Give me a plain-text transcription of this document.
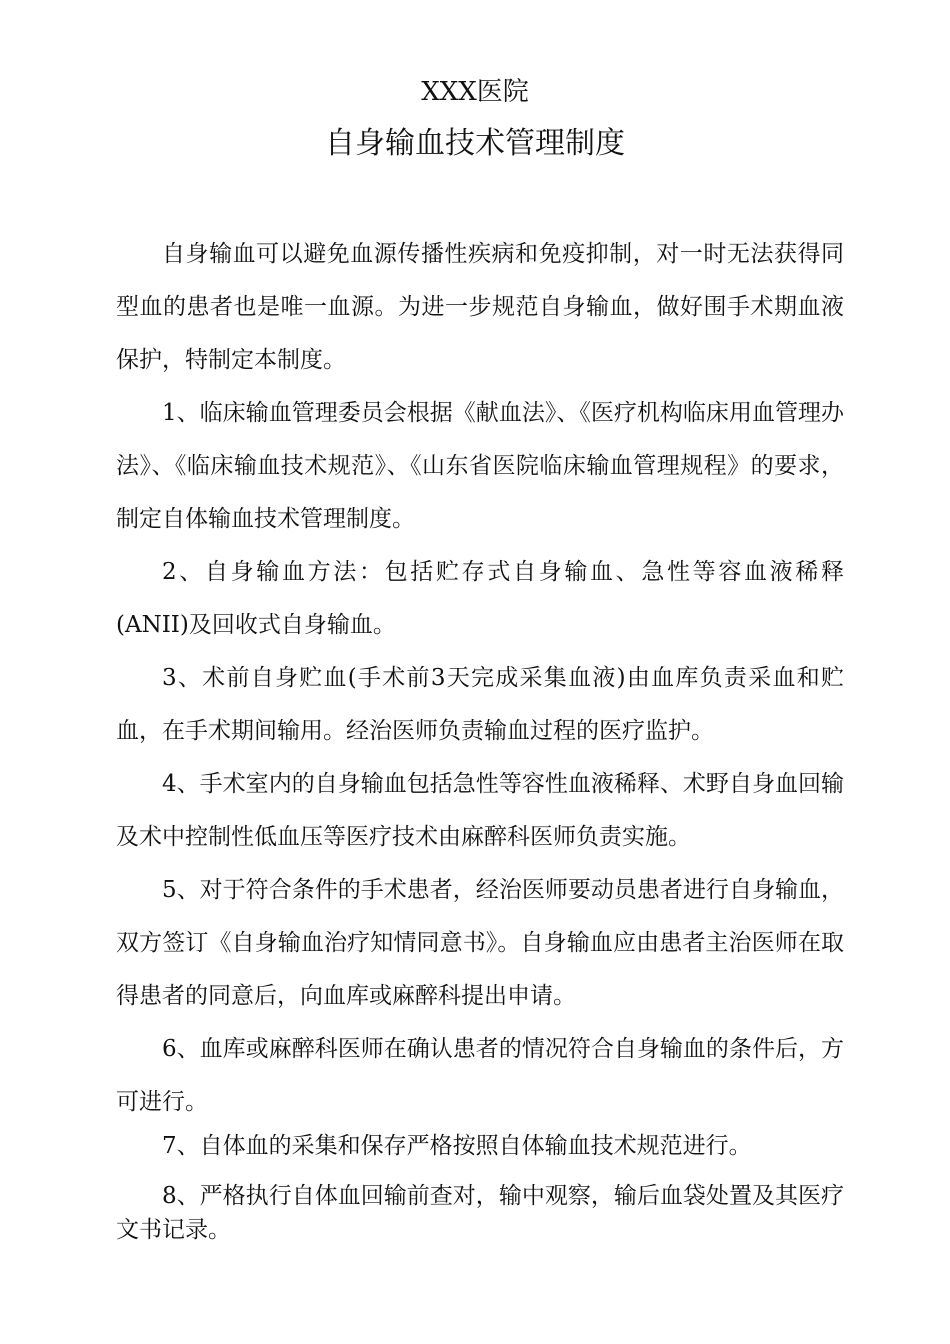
XXX医院
自身输血技术管理制度

自身输血可以避免血源传播性疾病和免疫抑制，对一时无法获得同型血的患者也是唯一血源。为进一步规范自身输血，做好围手术期血液保护，特制定本制度。

1、临床输血管理委员会根据《献血法》、《医疗机构临床用血管理办法》、《临床输血技术规范》、《山东省医院临床输血管理规程》的要求，制定自体输血技术管理制度。

2、自身输血方法：包括贮存式自身输血、急性等容血液稀释(ANII)及回收式自身输血。

3、术前自身贮血(手术前3天完成采集血液)由血库负责采血和贮血，在手术期间输用。经治医师负责输血过程的医疗监护。

4、手术室内的自身输血包括急性等容性血液稀释、术野自身血回输及术中控制性低血压等医疗技术由麻醉科医师负责实施。

5、对于符合条件的手术患者，经治医师要动员患者进行自身输血，双方签订《自身输血治疗知情同意书》。自身输血应由患者主治医师在取得患者的同意后，向血库或麻醉科提出申请。

6、血库或麻醉科医师在确认患者的情况符合自身输血的条件后，方可进行。

7、自体血的采集和保存严格按照自体输血技术规范进行。

8、严格执行自体血回输前查对，输中观察，输后血袋处置及其医疗文书记录。
